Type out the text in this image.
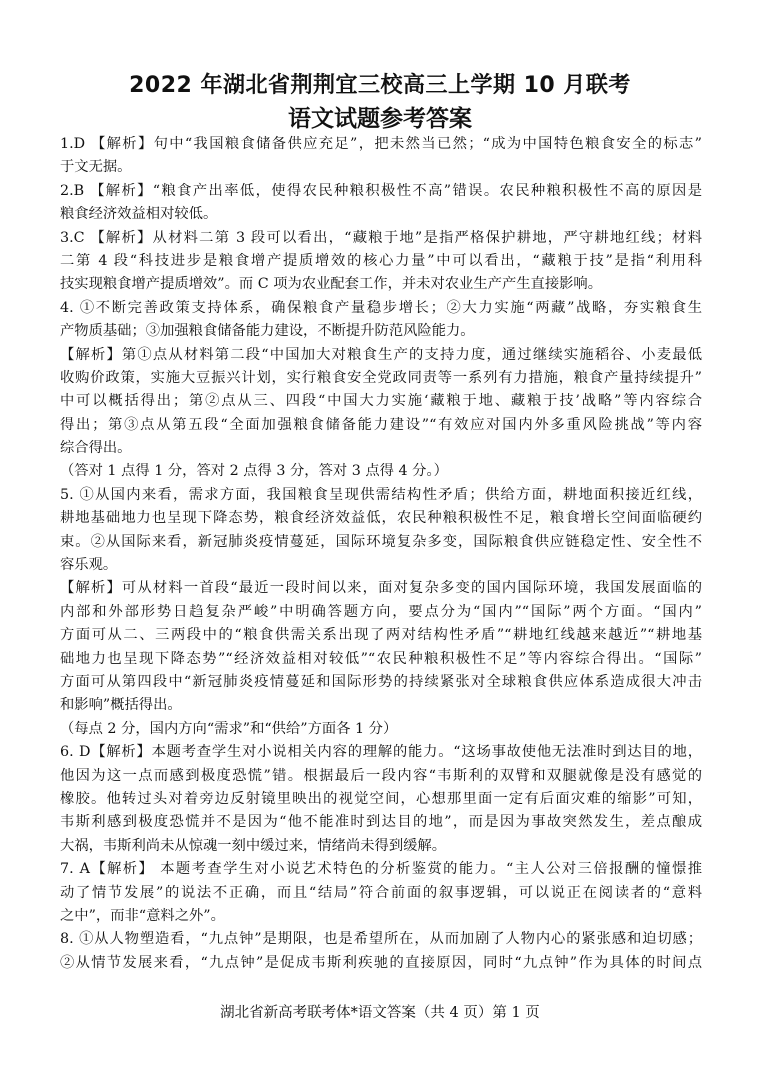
2022 年湖北省荆荆宜三校高三上学期 10 月联考
语文试题参考答案
1.D 【解析】句中“我国粮食储备供应充足”，把未然当已然；“成为中国特色粮食安全的标志”
于文无据。
2.B 【解析】“粮食产出率低，使得农民种粮积极性不高”错误。农民种粮积极性不高的原因是
粮食经济效益相对较低。
3.C 【解析】从材料二第 3 段可以看出，“藏粮于地”是指严格保护耕地，严守耕地红线；材料
二第 4 段“科技进步是粮食增产提质增效的核心力量”中可以看出，“藏粮于技”是指“利用科
技实现粮食增产提质增效”。而 C 项为农业配套工作，并未对农业生产产生直接影响。
4. ①不断完善政策支持体系，确保粮食产量稳步增长；②大力实施“两藏”战略，夯实粮食生
产物质基础；③加强粮食储备能力建设，不断提升防范风险能力。
【解析】第①点从材料第二段“中国加大对粮食生产的支持力度，通过继续实施稻谷、小麦最低
收购价政策，实施大豆振兴计划，实行粮食安全党政同责等一系列有力措施，粮食产量持续提升”
中可以概括得出；第②点从三、四段“中国大力实施‘藏粮于地、藏粮于技’战略”等内容综合
得出；第③点从第五段“全面加强粮食储备能力建设”“有效应对国内外多重风险挑战”等内容
综合得出。
（答对 1 点得 1 分，答对 2 点得 3 分，答对 3 点得 4 分。）
5. ①从国内来看，需求方面，我国粮食呈现供需结构性矛盾；供给方面，耕地面积接近红线，
耕地基础地力也呈现下降态势，粮食经济效益低，农民种粮积极性不足，粮食增长空间面临硬约
束。②从国际来看，新冠肺炎疫情蔓延，国际环境复杂多变，国际粮食供应链稳定性、安全性不
容乐观。
【解析】可从材料一首段“最近一段时间以来，面对复杂多变的国内国际环境，我国发展面临的
内部和外部形势日趋复杂严峻”中明确答题方向，要点分为“国内”“国际”两个方面。“国内”
方面可从二、三两段中的“粮食供需关系出现了两对结构性矛盾”“耕地红线越来越近”“耕地基
础地力也呈现下降态势”“经济效益相对较低”“农民种粮积极性不足”等内容综合得出。“国际”
方面可从第四段中“新冠肺炎疫情蔓延和国际形势的持续紧张对全球粮食供应体系造成很大冲击
和影响”概括得出。
（每点 2 分，国内方向“需求”和“供给”方面各 1 分）
6. D【解析】本题考查学生对小说相关内容的理解的能力。“这场事故使他无法准时到达目的地，
他因为这一点而感到极度恐慌”错。根据最后一段内容“韦斯利的双臂和双腿就像是没有感觉的
橡胶。他转过头对着旁边反射镜里映出的视觉空间，心想那里面一定有后面灾难的缩影”可知，
韦斯利感到极度恐慌并不是因为“他不能准时到达目的地”，而是因为事故突然发生，差点酿成
大祸，韦斯利尚未从惊魂一刻中缓过来，情绪尚未得到缓解。
7. A【解析】 本题考查学生对小说艺术特色的分析鉴赏的能力。“主人公对三倍报酬的憧憬推
动了情节发展”的说法不正确，而且“结局”符合前面的叙事逻辑，可以说正在阅读者的“意料
之中”，而非“意料之外”。
8. ①从人物塑造看，“九点钟”是期限，也是希望所在，从而加剧了人物内心的紧张感和迫切感；
②从情节发展来看，“九点钟”是促成韦斯利疾驰的直接原因，同时“九点钟”作为具体的时间点
湖北省新高考联考体*语文答案（共 4 页）第 1 页
